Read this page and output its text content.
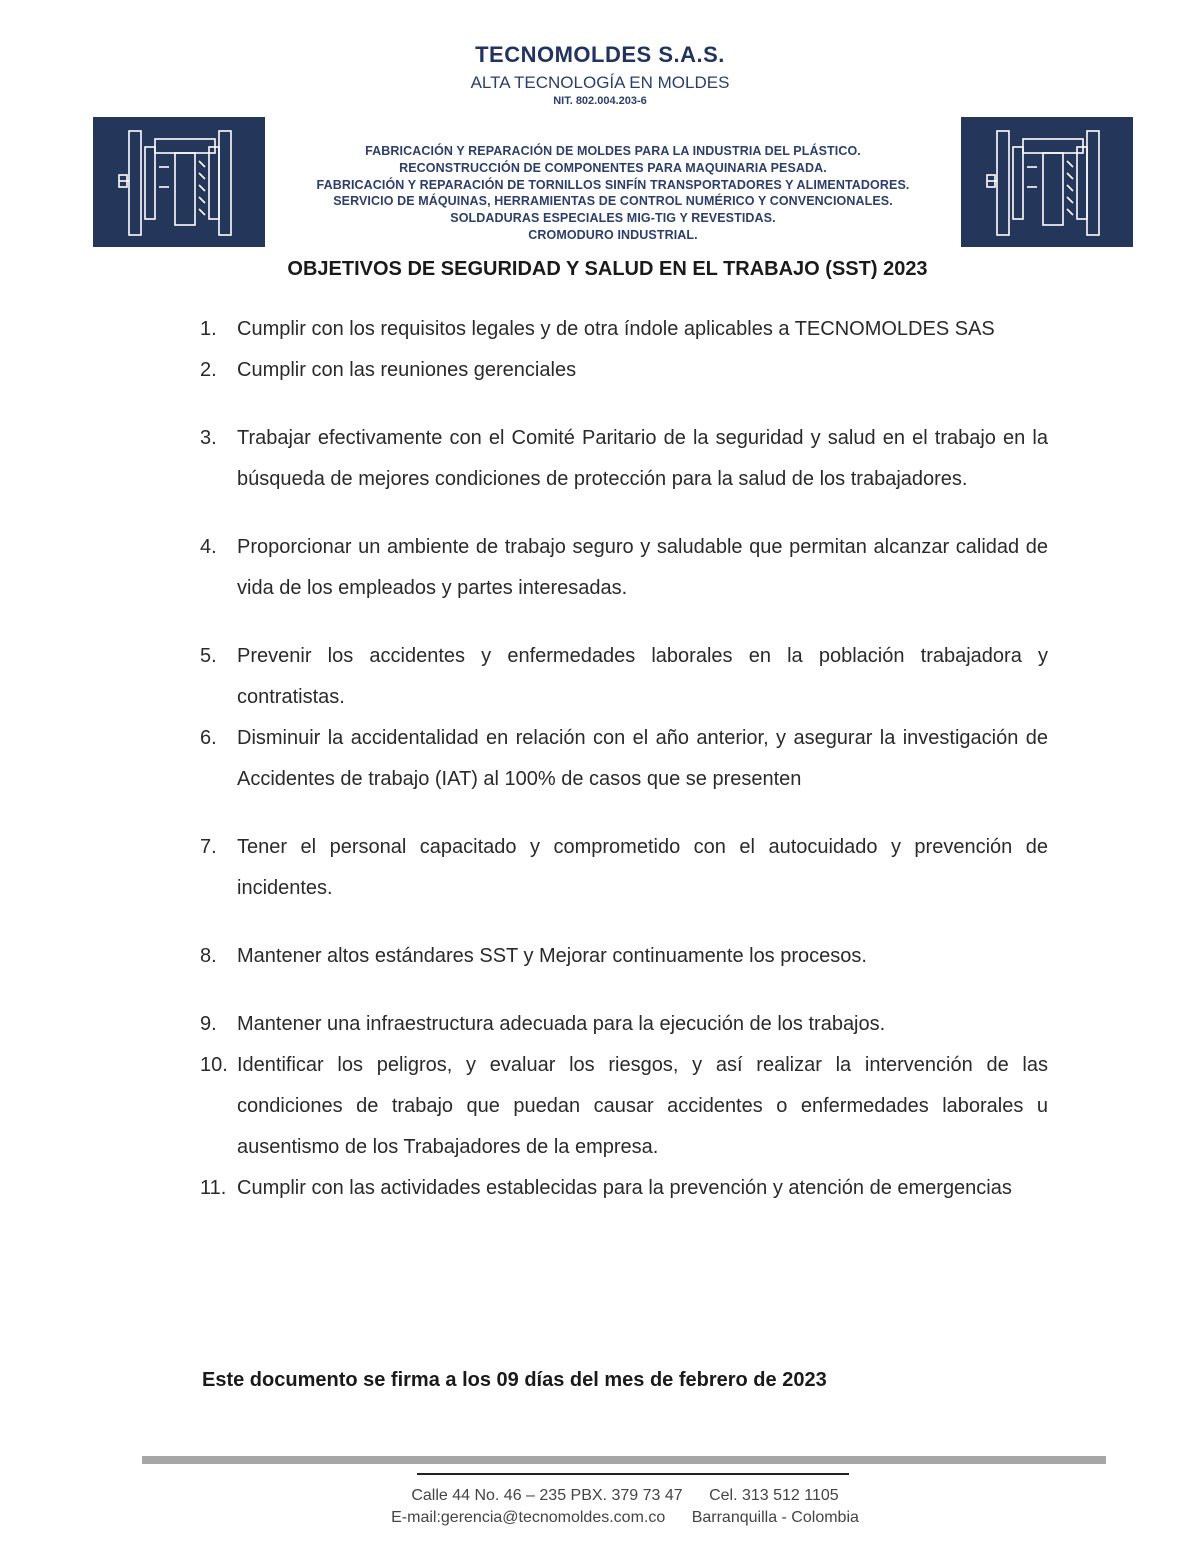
TECNOMOLDES S.A.S.
ALTA TECNOLOGÍA EN MOLDES
NIT. 802.004.203-6
FABRICACIÓN Y REPARACIÓN DE MOLDES PARA LA INDUSTRIA DEL PLÁSTICO.
RECONSTRUCCIÓN DE COMPONENTES PARA MAQUINARIA PESADA.
FABRICACIÓN Y REPARACIÓN DE TORNILLOS SINFÍN TRANSPORTADORES Y ALIMENTADORES.
SERVICIO DE MÁQUINAS, HERRAMIENTAS DE CONTROL NUMÉRICO Y CONVENCIONALES.
SOLDADURAS ESPECIALES MIG-TIG Y REVESTIDAS.
CROMODURO INDUSTRIAL.
OBJETIVOS DE SEGURIDAD Y SALUD EN EL TRABAJO (SST) 2023
1.	Cumplir con los requisitos legales y de otra índole aplicables a TECNOMOLDES SAS
2.	Cumplir con las reuniones gerenciales
3.	Trabajar efectivamente con el Comité Paritario de la seguridad y salud en el trabajo en la búsqueda de mejores condiciones de protección para la salud de los trabajadores.
4.	Proporcionar un ambiente de trabajo seguro y saludable que permitan alcanzar calidad de vida de los empleados y partes interesadas.
5.	Prevenir los accidentes y enfermedades laborales en la población trabajadora y contratistas.
6.	Disminuir la accidentalidad en relación con el año anterior, y asegurar la investigación de Accidentes de trabajo (IAT) al 100% de casos que se presenten
7.	Tener el personal capacitado y comprometido con el autocuidado y prevención de incidentes.
8.	Mantener altos estándares SST y Mejorar continuamente los procesos.
9.	Mantener una infraestructura adecuada para la ejecución de los trabajos.
10. Identificar los peligros, y evaluar los riesgos, y así realizar la intervención de las condiciones de trabajo que puedan causar accidentes o enfermedades laborales u ausentismo de los Trabajadores de la empresa.
11. Cumplir con las actividades establecidas para la prevención y atención de emergencias
Este documento se firma a los 09 días del mes de febrero de 2023
Calle 44 No. 46 – 235 PBX. 379 73 47 Cel. 313 512 1105
E-mail:gerencia@tecnomoldes.com.co Barranquilla - Colombia
